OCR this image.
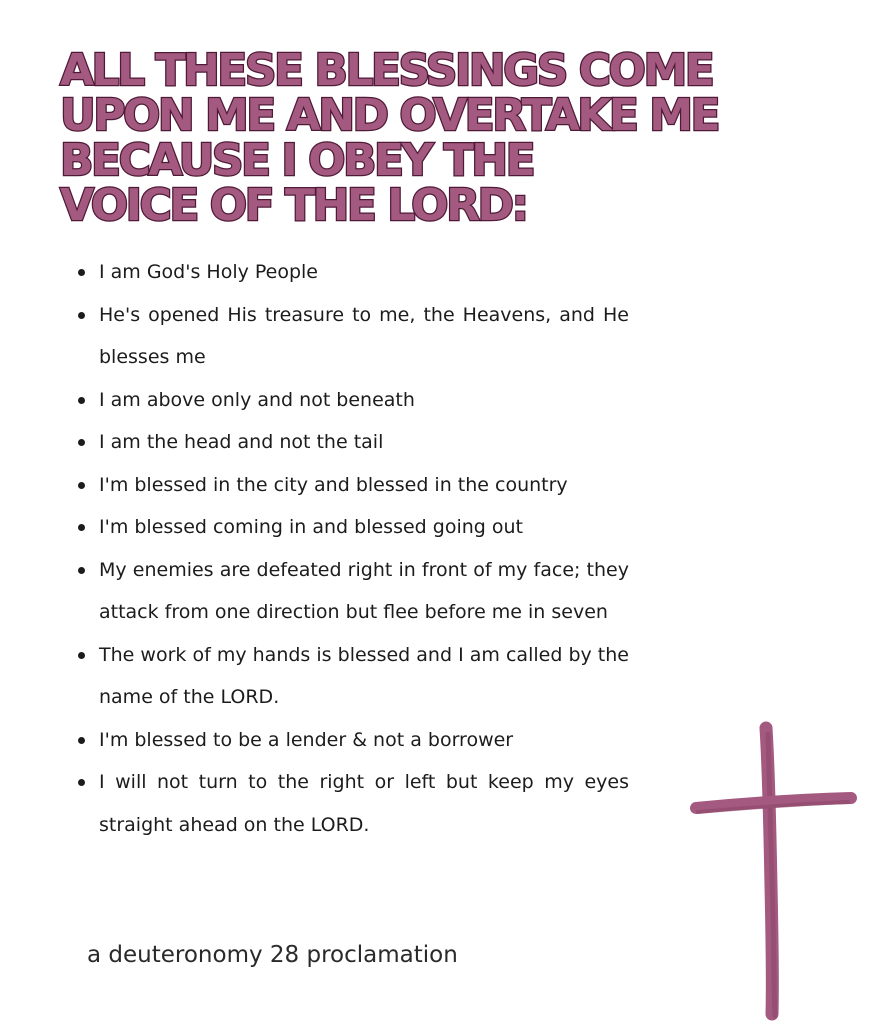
ALL THESE BLESSINGS COME
UPON ME AND OVERTAKE ME
BECAUSE I OBEY THE
VOICE OF THE LORD:
I am God's Holy People
He's opened His treasure to me, the Heavens, and He blesses me
I am above only and not beneath
I am the head and not the tail
I'm blessed in the city and blessed in the country
I'm blessed coming in and blessed going out
My enemies are defeated right in front of my face; they attack from one direction but flee before me in seven
The work of my hands is blessed and I am called by the name of the LORD.
I'm blessed to be a lender & not a borrower
I will not turn to the right or left but keep my eyes straight ahead on the LORD.

a deuteronomy 28 proclamation
